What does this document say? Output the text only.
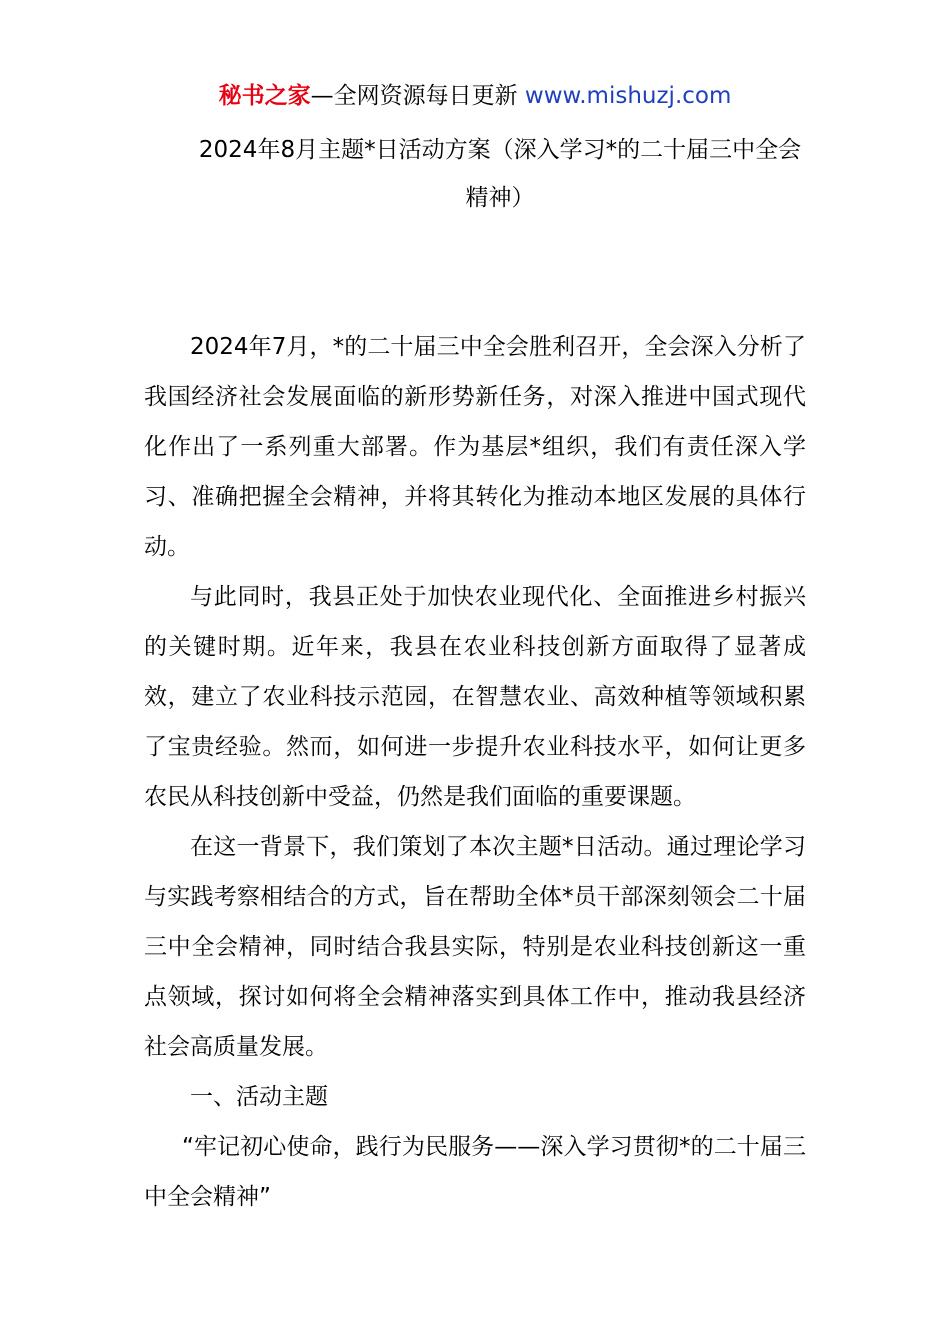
秘书之家—全网资源每日更新 www.mishuzj.com
2024年8月主题*日活动方案（深入学习*的二十届三中全会精神）

2024年7月，*的二十届三中全会胜利召开，全会深入分析了我国经济社会发展面临的新形势新任务，对深入推进中国式现代化作出了一系列重大部署。作为基层*组织，我们有责任深入学习、准确把握全会精神，并将其转化为推动本地区发展的具体行动。

与此同时，我县正处于加快农业现代化、全面推进乡村振兴的关键时期。近年来，我县在农业科技创新方面取得了显著成效，建立了农业科技示范园，在智慧农业、高效种植等领域积累了宝贵经验。然而，如何进一步提升农业科技水平，如何让更多农民从科技创新中受益，仍然是我们面临的重要课题。

在这一背景下，我们策划了本次主题*日活动。通过理论学习与实践考察相结合的方式，旨在帮助全体*员干部深刻领会二十届三中全会精神，同时结合我县实际，特别是农业科技创新这一重点领域，探讨如何将全会精神落实到具体工作中，推动我县经济社会高质量发展。

一、活动主题

“牢记初心使命，践行为民服务——深入学习贯彻*的二十届三中全会精神”
